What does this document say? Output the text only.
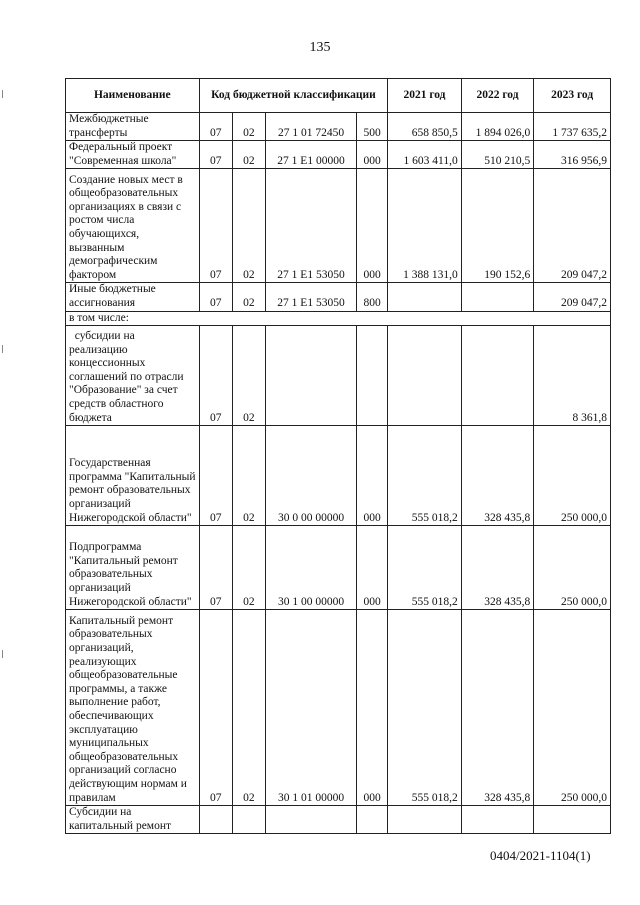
135
Наименование	Код бюджетной классификации				2021 год	2022 год	2023 год
Межбюджетные трансферты	07	02	27 1 01 72450	500	658 850,5	1 894 026,0	1 737 635,2
Федеральный проект "Современная школа"	07	02	27 1 E1 00000	000	1 603 411,0	510 210,5	316 956,9
Создание новых мест в общеобразовательных организациях в связи с ростом числа обучающихся, вызванным демографическим фактором	07	02	27 1 E1 53050	000	1 388 131,0	190 152,6	209 047,2
Иные бюджетные ассигнования	07	02	27 1 E1 53050	800			209 047,2
в том числе:							
субсидии на реализацию концессионных соглашений по отрасли "Образование" за счет средств областного бюджета	07	02					8 361,8
Государственная программа "Капитальный ремонт образовательных организаций Нижегородской области"	07	02	30 0 00 00000	000	555 018,2	328 435,8	250 000,0
Подпрограмма "Капитальный ремонт образовательных организаций Нижегородской области"	07	02	30 1 00 00000	000	555 018,2	328 435,8	250 000,0
Капитальный ремонт образовательных организаций, реализующих общеобразовательные программы, а также выполнение работ, обеспечивающих эксплуатацию муниципальных общеобразовательных организаций согласно действующим нормам и правилам	07	02	30 1 01 00000	000	555 018,2	328 435,8	250 000,0
Субсидии на капитальный ремонт							
0404/2021-1104(1)
